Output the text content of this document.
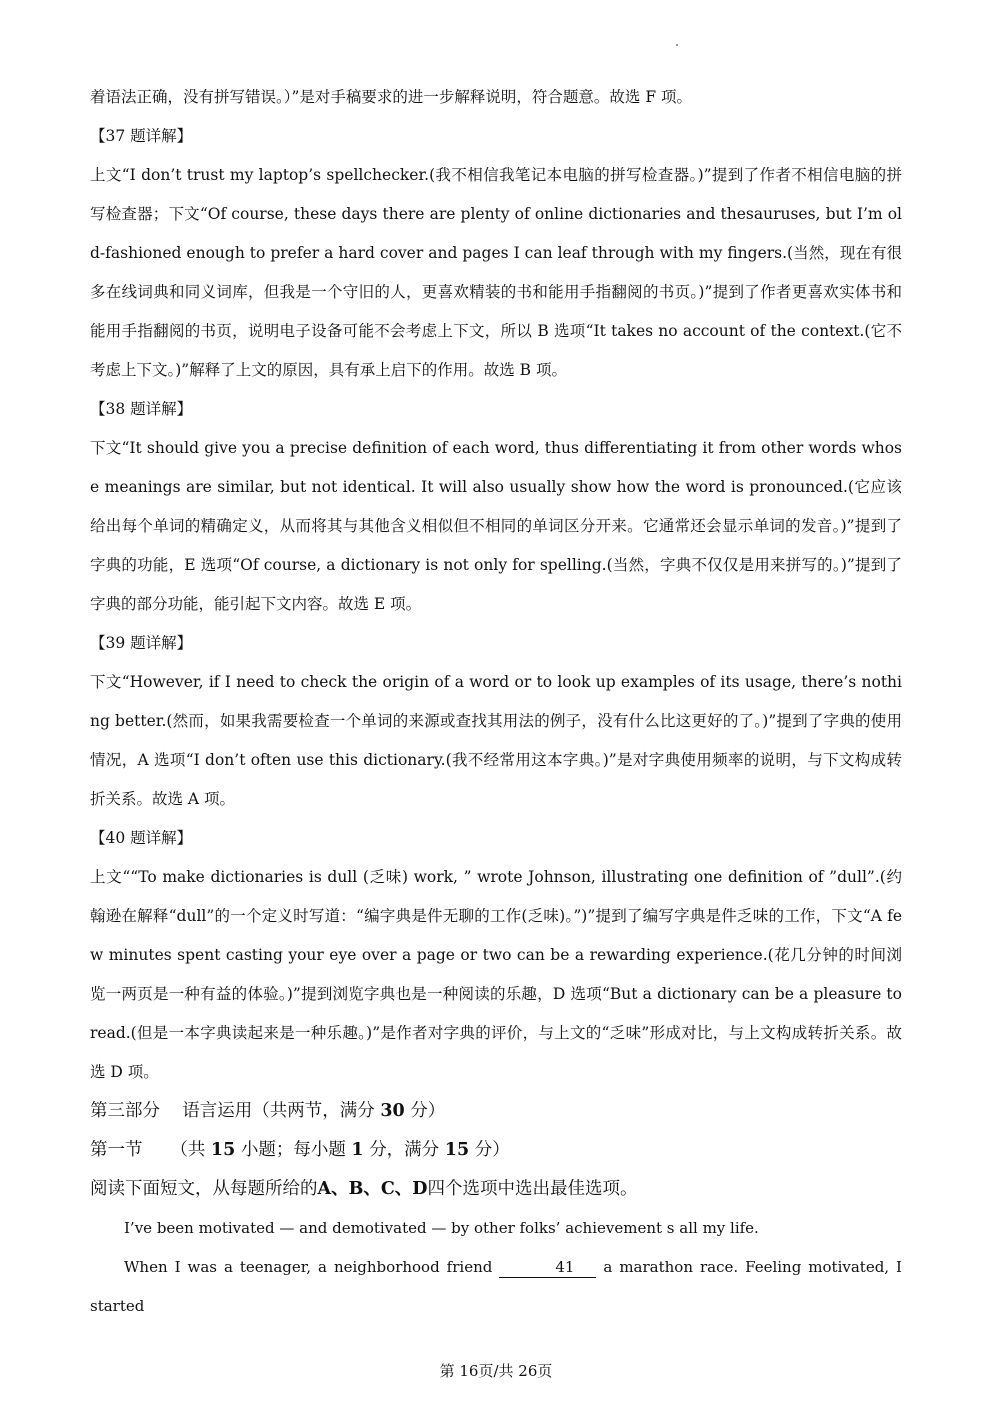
着语法正确，没有拼写错误。）”是对手稿要求的进一步解释说明，符合题意。故选 F 项。

【37 题详解】

上文“I don’t trust my laptop’s spellchecker.(我不相信我笔记本电脑的拼写检查器。)”提到了作者不相信电脑的拼写检查器；下文“Of course, these days there are plenty of online dictionaries and thesauruses, but I’m old-fashioned enough to prefer a hard cover and pages I can leaf through with my fingers.(当然，现在有很多在线词典和同义词库，但我是一个守旧的人，更喜欢精装的书和能用手指翻阅的书页。)”提到了作者更喜欢实体书和能用手指翻阅的书页，说明电子设备可能不会考虑上下文，所以 B 选项“It takes no account of the context.(它不考虑上下文。)”解释了上文的原因，具有承上启下的作用。故选 B 项。

【38 题详解】

下文“It should give you a precise definition of each word, thus differentiating it from other words whose meanings are similar, but not identical. It will also usually show how the word is pronounced.(它应该给出每个单词的精确定义，从而将其与其他含义相似但不相同的单词区分开来。它通常还会显示单词的发音。)”提到了字典的功能，E 选项“Of course, a dictionary is not only for spelling.(当然，字典不仅仅是用来拼写的。)”提到了字典的部分功能，能引起下文内容。故选 E 项。

【39 题详解】

下文“However, if I need to check the origin of a word or to look up examples of its usage, there’s nothing better.(然而，如果我需要检查一个单词的来源或查找其用法的例子，没有什么比这更好的了。)”提到了字典的使用情况，A 选项“I don’t often use this dictionary.(我不经常用这本字典。)”是对字典使用频率的说明，与下文构成转折关系。故选 A 项。

【40 题详解】

上文““To make dictionaries is dull (乏味) work, ” wrote Johnson, illustrating one definition of ”dull”.(约翰逊在解释“dull”的一个定义时写道：“编字典是件无聊的工作(乏味)。”)”提到了编写字典是件乏味的工作，下文“A few minutes spent casting your eye over a page or two can be a rewarding experience.(花几分钟的时间浏览一两页是一种有益的体验。)”提到浏览字典也是一种阅读的乐趣，D 选项“But a dictionary can be a pleasure to read.(但是一本字典读起来是一种乐趣。)”是作者对字典的评价，与上文的“乏味”形成对比，与上文构成转折关系。故选 D 项。

第三部分 语言运用（共两节，满分 30 分）

第一节 （共 15 小题；每小题 1 分，满分 15 分）

阅读下面短文，从每题所给的A、B、C、D四个选项中选出最佳选项。

I’ve been motivated — and demotivated — by other folks’ achievement s all my life.

When I was a teenager, a neighborhood friend	41 a marathon race. Feeling motivated, I started

第 16页/共 26页
